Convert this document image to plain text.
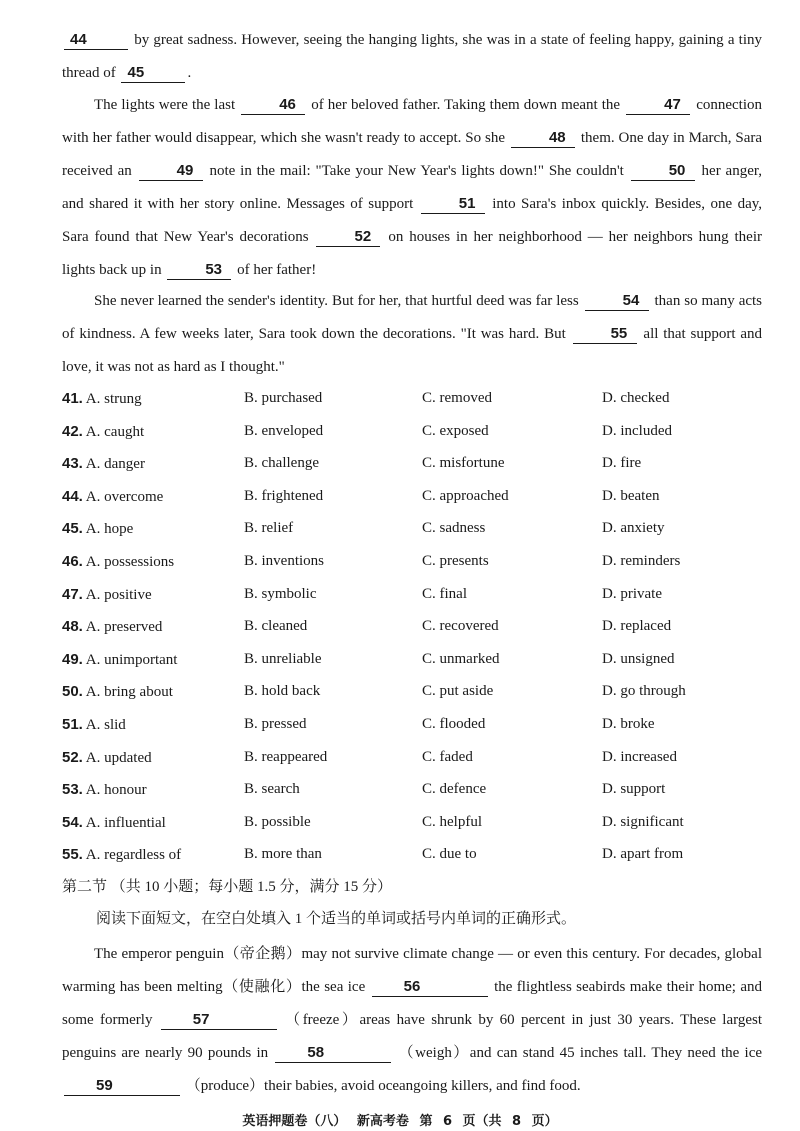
44	by great sadness. However, seeing the hanging lights, she was in a state of feeling happy, gaining a tiny thread of 45	.

The lights were the last	46 of her beloved father. Taking them down meant the	47 connection with her father would disappear, which she wasn't ready to accept. So she	48 them. One day in March, Sara received an	49 note in the mail: "Take your New Year's lights down!" She couldn't	50 her anger, and shared it with her story online. Messages of support	51 into Sara's inbox quickly. Besides, one day, Sara found that New Year's decorations	52 on houses in her neighborhood — her neighbors hung their lights back up in	53 of her father!

She never learned the sender's identity. But for her, that hurtful deed was far less	54 than so many acts of kindness. A few weeks later, Sara took down the decorations. "It was hard. But	55 all that support and love, it was not as hard as I thought."

41. A. strung	B. purchased	C. removed	D. checked
42. A. caught	B. enveloped	C. exposed	D. included
43. A. danger	B. challenge	C. misfortune	D. fire
44. A. overcome	B. frightened	C. approached	D. beaten
45. A. hope	B. relief	C. sadness	D. anxiety
46. A. possessions	B. inventions	C. presents	D. reminders
47. A. positive	B. symbolic	C. final	D. private
48. A. preserved	B. cleaned	C. recovered	D. replaced
49. A. unimportant	B. unreliable	C. unmarked	D. unsigned
50. A. bring about	B. hold back	C. put aside	D. go through
51. A. slid	B. pressed	C. flooded	D. broke
52. A. updated	B. reappeared	C. faded	D. increased
53. A. honour	B. search	C. defence	D. support
54. A. influential	B. possible	C. helpful	D. significant
55. A. regardless of	B. more than	C. due to	D. apart from
第二节 （共 10 小题；每小题 1.5 分，满分 15 分）
阅读下面短文，在空白处填入 1 个适当的单词或括号内单词的正确形式。

The emperor penguin（帝企鹅）may not survive climate change — or even this century. For decades, global warming has been melting（使融化）the sea ice	56	the flightless seabirds make their home; and some formerly	57	（freeze）areas have shrunk by 60 percent in just 30 years. These largest penguins are nearly 90 pounds in	58	（weigh）and can stand 45 inches tall. They need the ice 59	（produce）their babies, avoid oceangoing killers, and find food.

英语押题卷（八） 新高考卷 第 6 页（共 8 页）
